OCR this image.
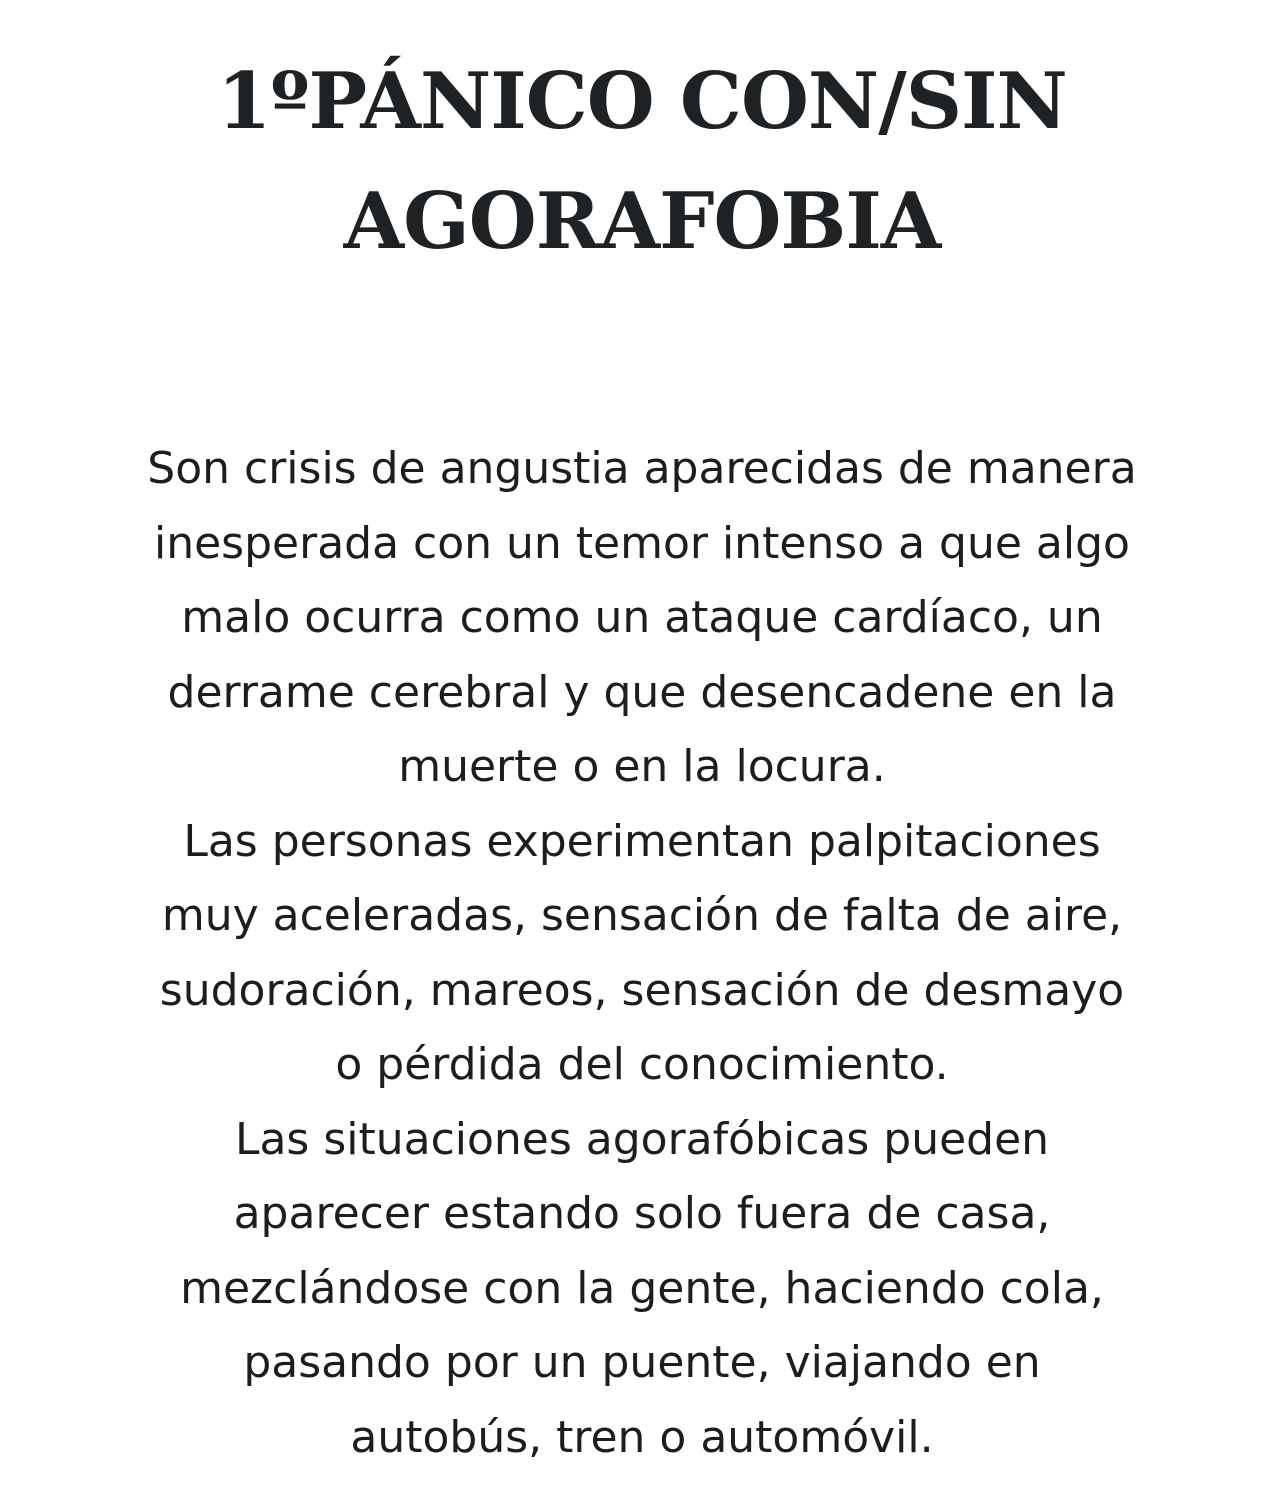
1ºPÁNICO CON/SIN
AGORAFOBIA

Son crisis de angustia aparecidas de manera
inesperada con un temor intenso a que algo
malo ocurra como un ataque cardíaco, un
derrame cerebral y que desencadene en la
muerte o en la locura.
Las personas experimentan palpitaciones
muy aceleradas, sensación de falta de aire,
sudoración, mareos, sensación de desmayo
o pérdida del conocimiento.
Las situaciones agorafóbicas pueden
aparecer estando solo fuera de casa,
mezclándose con la gente, haciendo cola,
pasando por un puente, viajando en
autobús, tren o automóvil.
